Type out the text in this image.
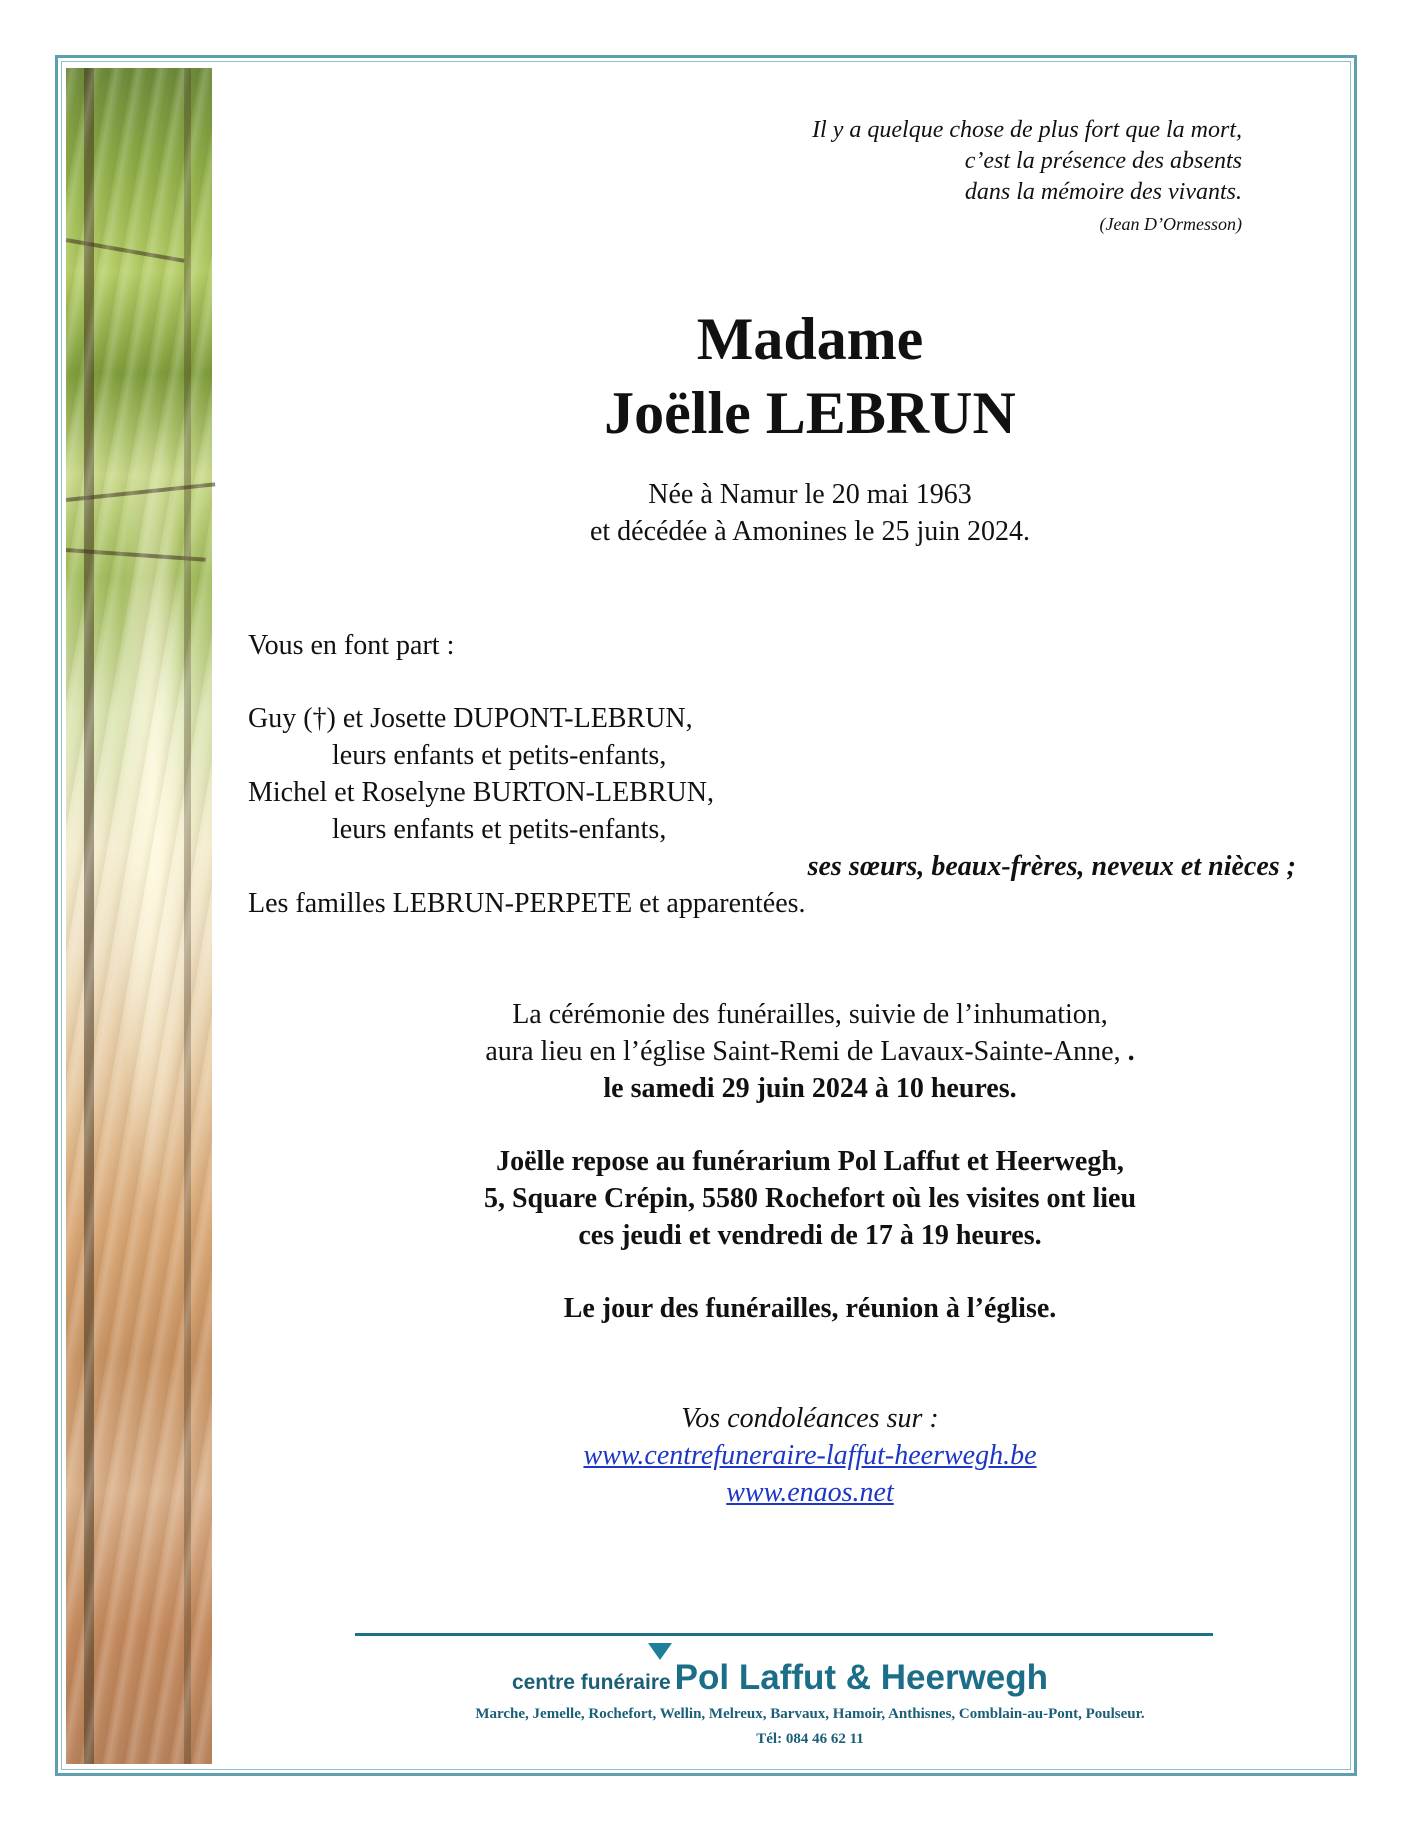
Il y a quelque chose de plus fort que la mort,

c’est la présence des absents

dans la mémoire des vivants.

(Jean D’Ormesson)

Madame

Joëlle LEBRUN

Née à Namur le 20 mai 1963

et décédée à Amonines le 25 juin 2024.

Vous en font part :

Guy (†) et Josette DUPONT-LEBRUN,

leurs enfants et petits-enfants,

Michel et Roselyne BURTON-LEBRUN,

leurs enfants et petits-enfants,

ses sœurs, beaux-frères, neveux et nièces ;

Les familles LEBRUN-PERPETE et apparentées.

La cérémonie des funérailles, suivie de l’inhumation,

aura lieu en l’église Saint-Remi de Lavaux-Sainte-Anne, .

le samedi 29 juin 2024 à 10 heures.

Joëlle repose au funérarium Pol Laffut et Heerwegh,

5, Square Crépin, 5580 Rochefort où les visites ont lieu

ces jeudi et vendredi de 17 à 19 heures.

Le jour des funérailles, réunion à l’église.

Vos condoléances sur :

www.centrefuneraire-laffut-heerwegh.be

www.enaos.net

centre funéraire Pol Laffut & Heerwegh

Marche, Jemelle, Rochefort, Wellin, Melreux, Barvaux, Hamoir, Anthisnes, Comblain-au-Pont, Poulseur.

Tél: 084 46 62 11
